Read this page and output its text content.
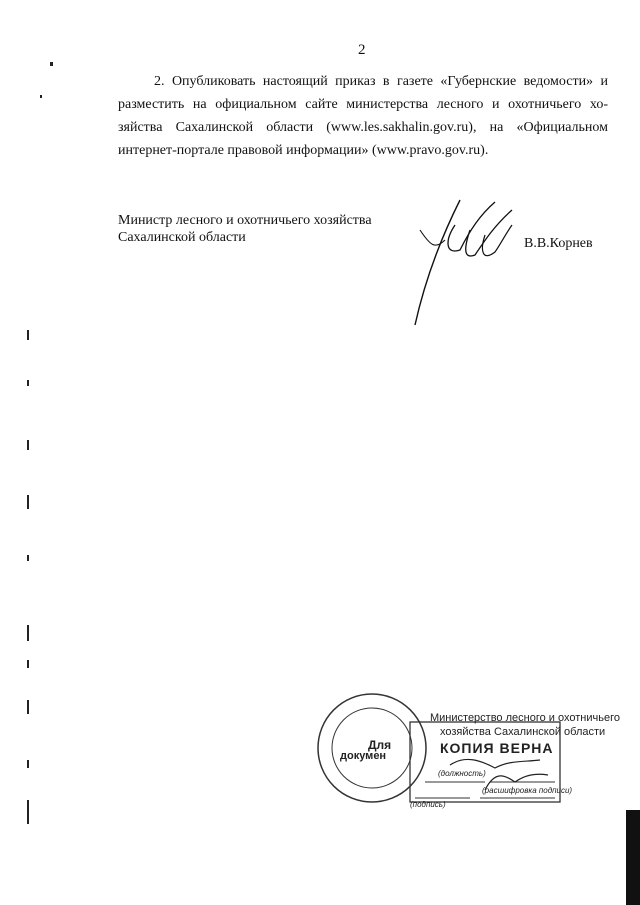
2
2. Опубликовать настоящий приказ в газете «Губернские ведомости» и
разместить на официальном сайте министерства лесного и охотничьего хо-
зяйства Сахалинской области (www.les.sakhalin.gov.ru), на «Официальном
интернет-портале правовой информации» (www.pravo.gov.ru).
Министр лесного и охотничьего хозяйства
Сахалинской области	В.В.Корнев
Министерство лесного и охотничьего
хозяйства Сахалинской области
Для	КОПИЯ ВЕРНА
докумен
(должность)
(подпись)
(расшифровка подписи)
